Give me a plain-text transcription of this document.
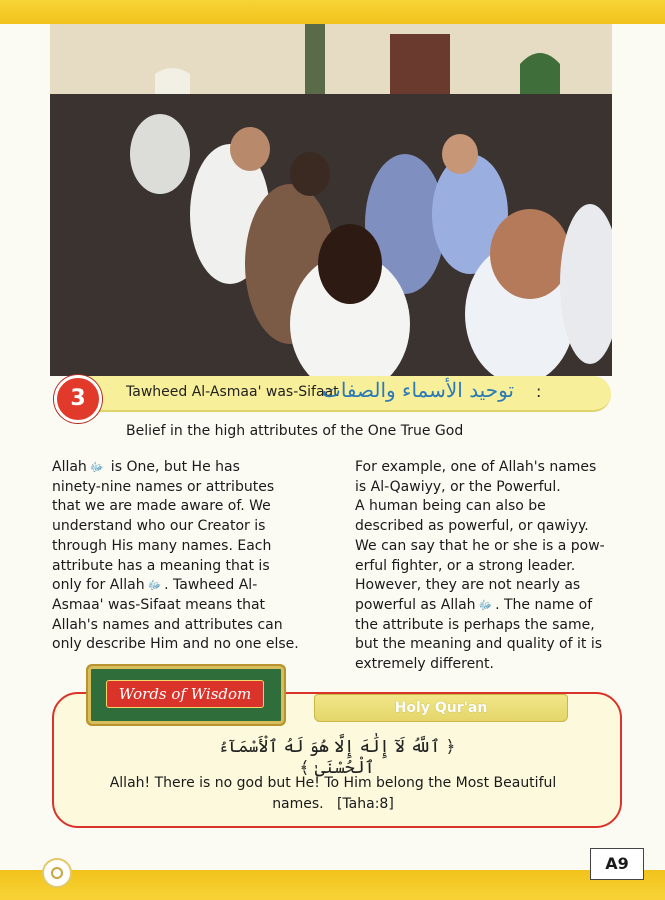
3	Tawheed Al-Asmaa' was-Sifaat
توحيد الأسماء والصفات :
Belief in the high attributes of the One True God
Allah ﷻ is One, but He has
ninety-nine names or attributes
that we are made aware of. We
understand who our Creator is
through His many names. Each
attribute has a meaning that is
only for Allah ﷻ . Tawheed Al-
Asmaa' was-Sifaat means that
Allah's names and attributes can
only describe Him and no one else.
For example, one of Allah's names
is Al-Qawiyy, or the Powerful.
A human being can also be
described as powerful, or qawiyy.
We can say that he or she is a pow-
erful fighter, or a strong leader.
However, they are not nearly as
powerful as Allah ﷻ . The name of
the attribute is perhaps the same,
but the meaning and quality of it is
extremely different.
Words of Wisdom
Holy Qur'an
﴿ ٱللَّهُ لَآ إِلَٰهَ إِلَّا هُوَ لَهُ ٱلْأَسْمَآءُ ٱلْحُسْنَىٰ ﴾
Allah! There is no god but He! To Him belong the Most Beautiful
names.   [Taha:8]
A9
